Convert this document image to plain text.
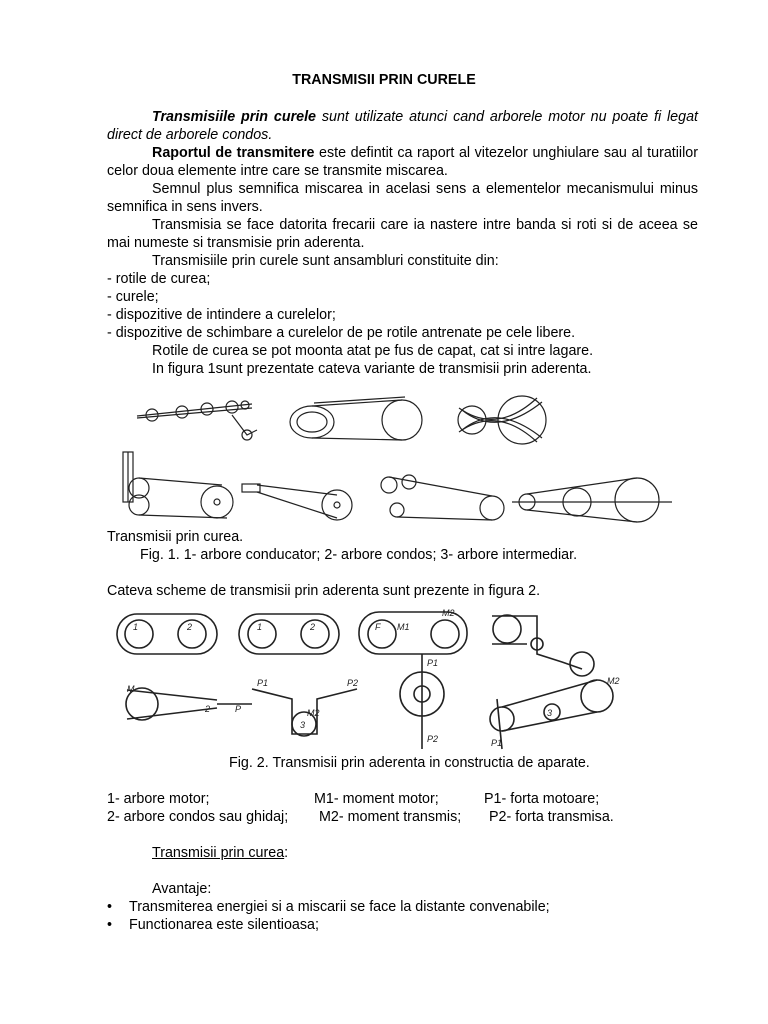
TRANSMISII PRIN CURELE
Transmisiile prin curele sunt utilizate atunci cand arborele motor nu poate fi legat direct de arborele condos.
Raportul de transmitere este defintit ca raport al vitezelor unghiulare sau al turatiilor celor doua elemente intre care se transmite miscarea.
Semnul plus semnifica miscarea in acelasi sens a elementelor mecanismului minus semnifica in sens invers.
Transmisia se face datorita frecarii care ia nastere intre banda si roti si de aceea se mai numeste si transmisie prin aderenta.
Transmisiile prin curele sunt ansambluri constituite din:
- rotile de curea;
- curele;
- dispozitive de intindere a curelelor;
- dispozitive de schimbare a curelelor de pe rotile antrenate pe cele libere.
Rotile de curea se pot moonta atat pe fus de capat, cat si intre lagare.
In figura 1sunt prezentate cateva variante de transmisii prin aderenta.
Transmisii prin curea.
Fig. 1. 1- arbore conducator; 2- arbore condos; 3- arbore intermediar.
Cateva scheme de transmisii prin aderenta sunt prezente in figura 2.
1	2	1	2	F M1
M2
M
2	P
P1
M2
3
P2
P1
P2
3
M2
P1
Fig. 2. Transmisii prin aderenta in constructia de aparate.
1- arbore motor;	M1- moment motor;	P1- forta motoare;
2- arbore condos sau ghidaj; M2- moment transmis; P2- forta transmisa.
Transmisii prin curea:
Avantaje:
• Transmiterea energiei si a miscarii se face la distante convenabile;
• Functionarea este silentioasa;
